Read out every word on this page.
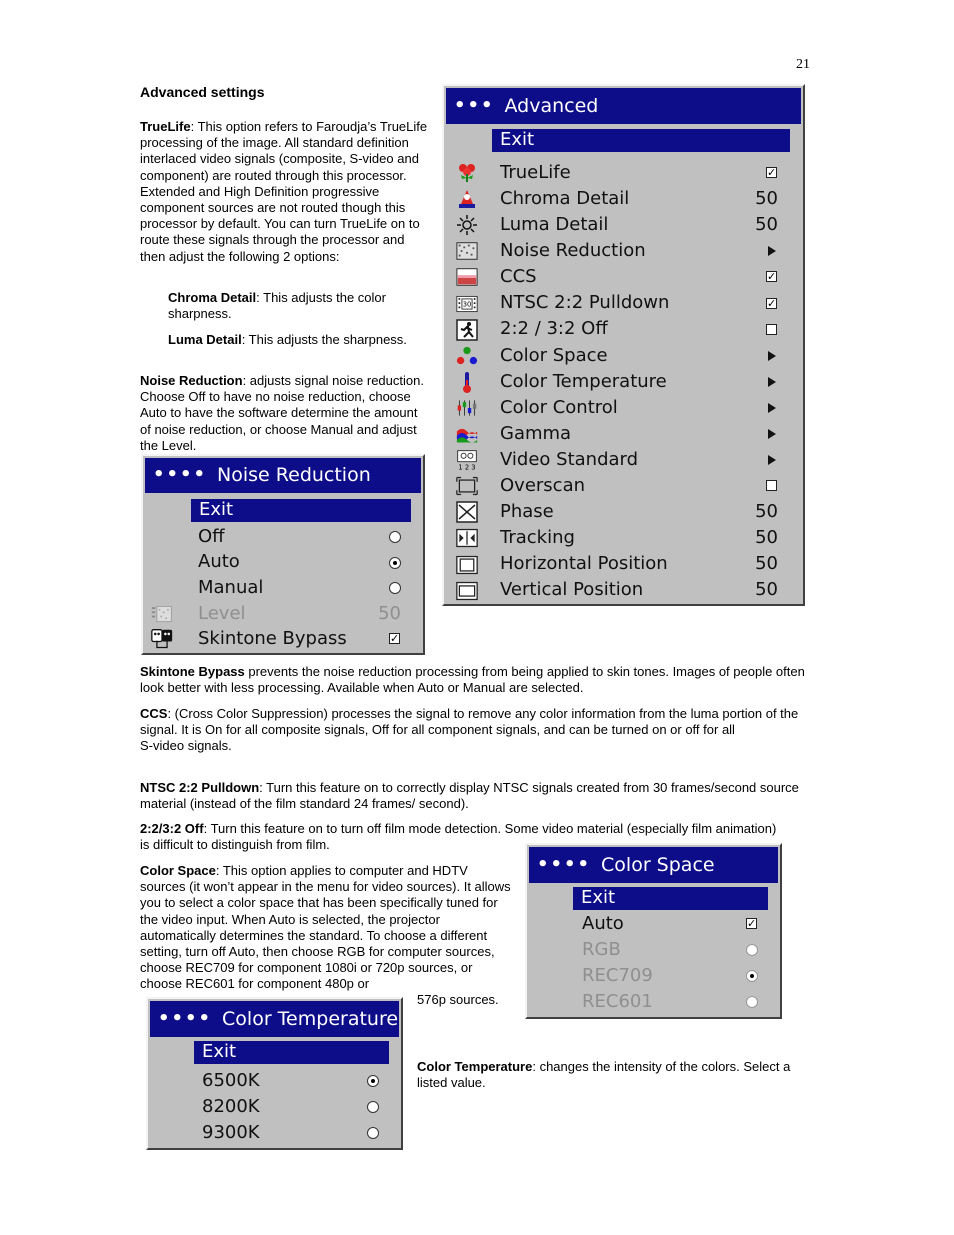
21
Advanced settings

TrueLife: This option refers to Faroudja’s TrueLife processing of the image. All standard definition interlaced video signals (composite, S-video and component) are routed through this processor. Extended and High Definition progressive component sources are not routed though this processor by default. You can turn TrueLife on to route these signals through the processor and then adjust the following 2 options:

Chroma Detail: This adjusts the color sharpness.

Luma Detail: This adjusts the sharpness.

Noise Reduction: adjusts signal noise reduction. Choose Off to have no noise reduction, choose Auto to have the software determine the amount of noise reduction, or choose Manual and adjust the Level.

••• Advanced
Exit
TrueLife	✓
Chroma Detail	50
Luma Detail	50
Noise Reduction
CCS	✓
30 NTSC 2:2 Pulldown	✓
2:2 / 3:2 Off
Color Space
Color Temperature
Color Control
Gamma
1 2 3 Video Standard
Overscan
Phase	50
Tracking	50
Horizontal Position	50
Vertical Position	50
•••• Noise Reduction
Exit
Off
Auto
Manual
Level	50
Skintone Bypass	✓

Skintone Bypass prevents the noise reduction processing from being applied to skin tones. Images of people often look better with less processing. Available when Auto or Manual are selected.

CCS: (Cross Color Suppression) processes the signal to remove any color information from the luma portion of the signal. It is On for all composite signals, Off for all component signals, and can be turned on or off for all
S-video signals.

NTSC 2:2 Pulldown: Turn this feature on to correctly display NTSC signals created from 30 frames/second source material (instead of the film standard 24 frames/ second).

2:2/3:2 Off: Turn this feature on to turn off film mode detection. Some video material (especially film animation) is difficult to distinguish from film.

Color Space: This option applies to computer and HDTV sources (it won’t appear in the menu for video sources). It allows you to select a color space that has been specifically tuned for the video input. When Auto is selected, the projector automatically determines the standard. To choose a different setting, turn off Auto, then choose RGB for computer sources, choose REC709 for component 1080i or 720p sources, or choose REC601 for component 480p or

576p sources.

Color Temperature: changes the intensity of the colors. Select a listed value.

•••• Color Space
Exit
Auto	✓
RGB
REC709
REC601
•••• Color Temperature
Exit
6500K
8200K
9300K
